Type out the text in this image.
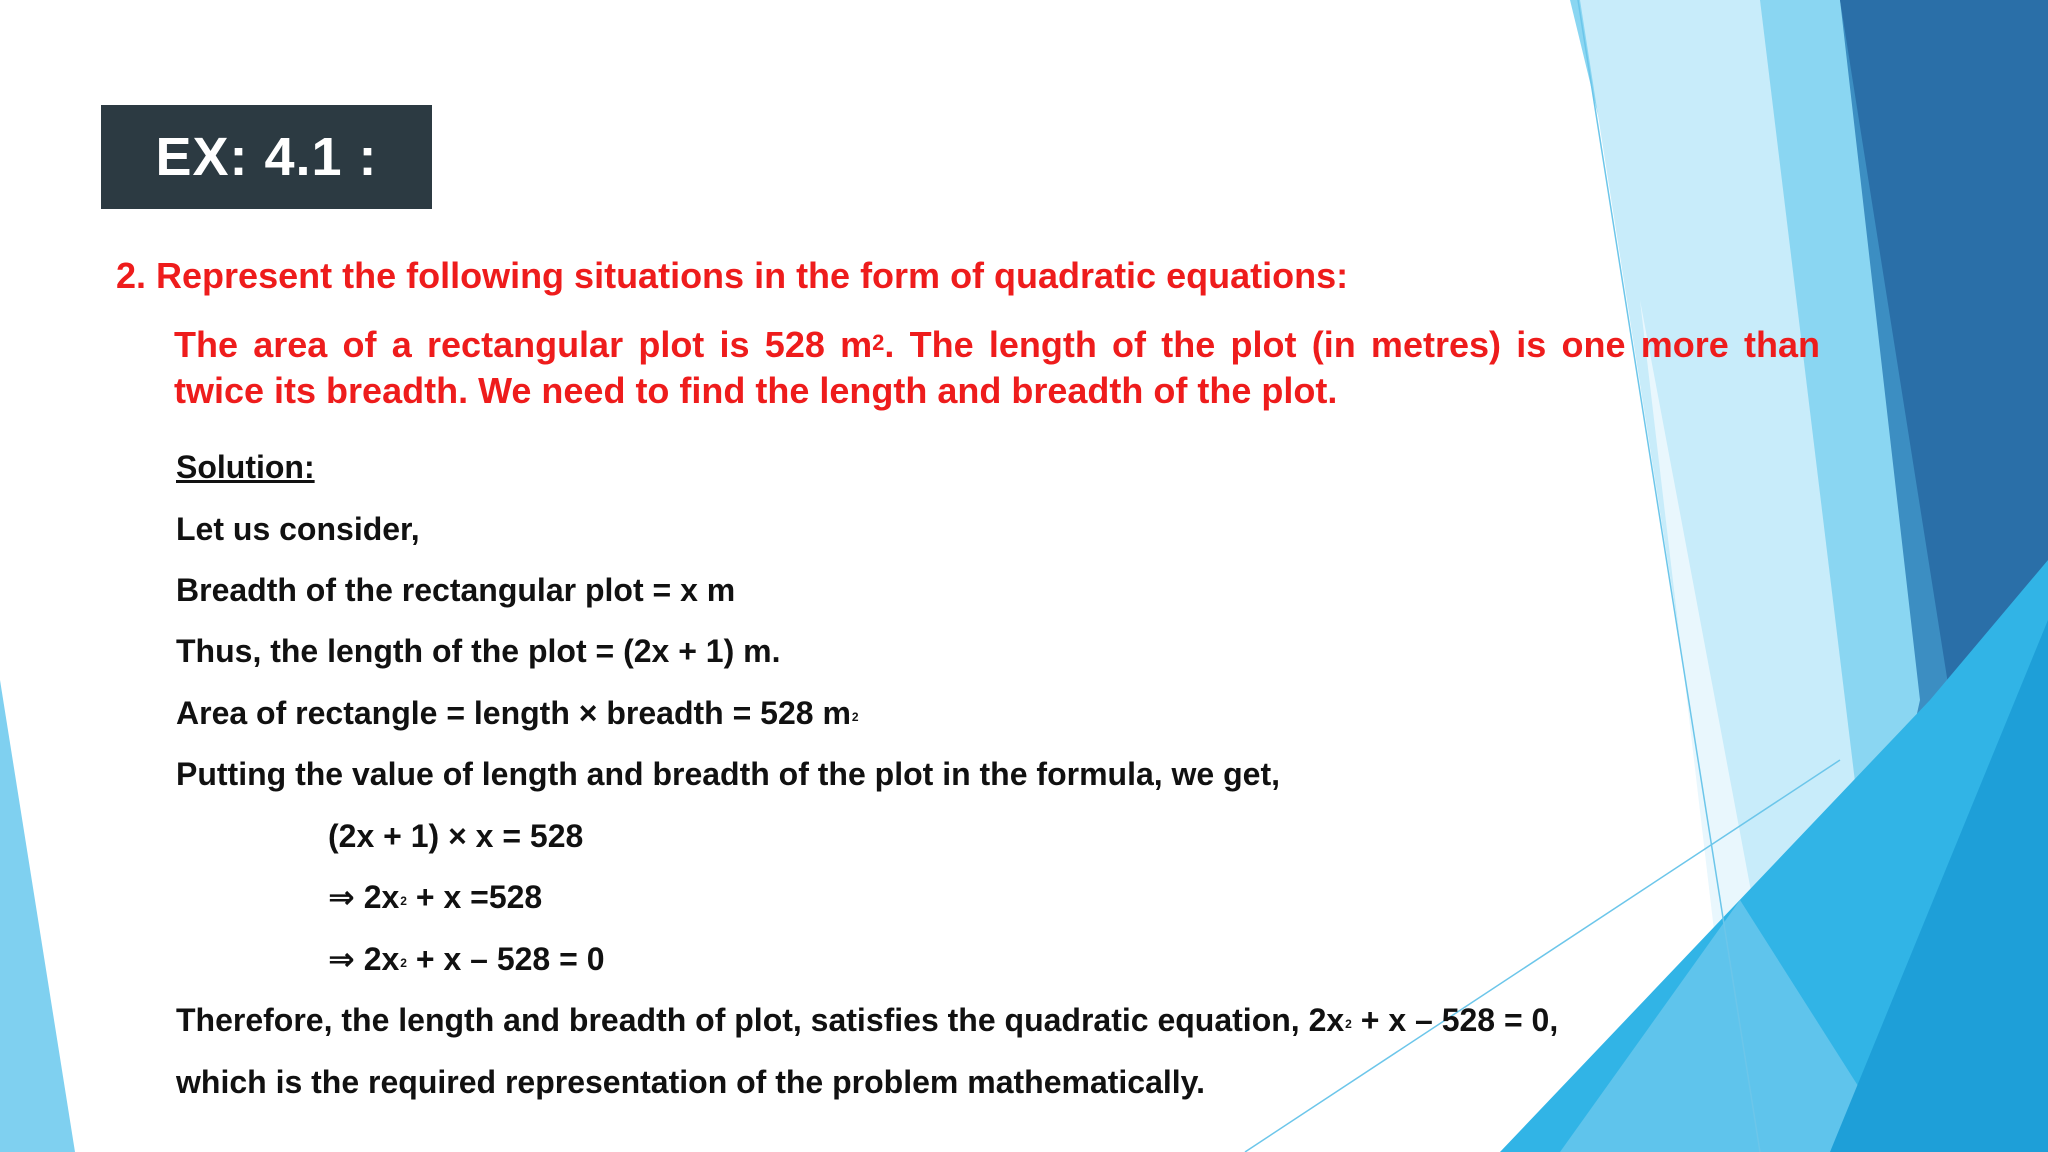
EX: 4.1 :
2. Represent the following situations in the form of quadratic equations:
The area of a rectangular plot is 528 $m^2$. The length of the plot (in metres) is one more than twice its breadth. We need to find the length and breadth of the plot.
Solution:
Let us consider,
Breadth of the rectangular plot = x m
Thus, the length of the plot = (2x + 1) m.
Area of rectangle = length × breadth = 528 $m^2$
Putting the value of length and breadth of the plot in the formula, we get,
(2x + 1) × x = 528
⇒ $2x^2 + x =528$
⇒ $2x^2 + x - 528 = 0$
Therefore, the length and breadth of plot, satisfies the quadratic equation, $2x^2 + x - 528 = 0$,
which is the required representation of the problem mathematically.
